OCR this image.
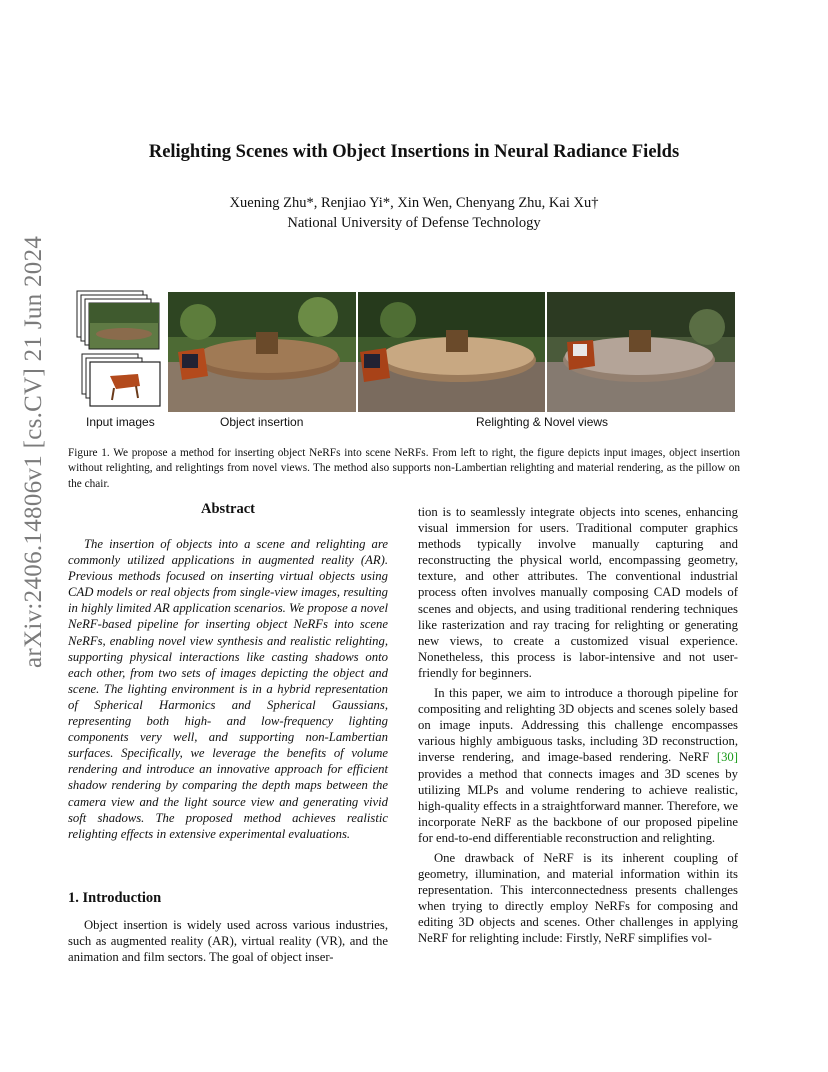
arXiv:2406.14806v1 [cs.CV] 21 Jun 2024
Relighting Scenes with Object Insertions in Neural Radiance Fields
Xuening Zhu*, Renjiao Yi*, Xin Wen, Chenyang Zhu, Kai Xu†
National University of Defense Technology
Input images	Object insertion	Relighting & Novel views
Figure 1. We propose a method for inserting object NeRFs into scene NeRFs. From left to right, the figure depicts input images, object insertion without relighting, and relightings from novel views. The method also supports non-Lambertian relighting and material rendering, as the pillow on the chair.
Abstract

The insertion of objects into a scene and relighting are commonly utilized applications in augmented reality (AR). Previous methods focused on inserting virtual objects using CAD models or real objects from single-view images, resulting in highly limited AR application scenarios. We propose a novel NeRF-based pipeline for inserting object NeRFs into scene NeRFs, enabling novel view synthesis and realistic relighting, supporting physical interactions like casting shadows onto each other, from two sets of images depicting the object and scene. The lighting environment is in a hybrid representation of Spherical Harmonics and Spherical Gaussians, representing both high- and low-frequency lighting components very well, and supporting non-Lambertian surfaces. Specifically, we leverage the benefits of volume rendering and introduce an innovative approach for efficient shadow rendering by comparing the depth maps between the camera view and the light source view and generating vivid soft shadows. The proposed method achieves realistic relighting effects in extensive experimental evaluations.

1. Introduction

Object insertion is widely used across various industries, such as augmented reality (AR), virtual reality (VR), and the animation and film sectors. The goal of object inser-

tion is to seamlessly integrate objects into scenes, enhancing visual immersion for users. Traditional computer graphics methods typically involve manually capturing and reconstructing the physical world, encompassing geometry, texture, and other attributes. The conventional industrial process often involves manually composing CAD models of scenes and objects, and using traditional rendering techniques like rasterization and ray tracing for relighting or generating new views, to create a customized visual experience. Nonetheless, this process is labor-intensive and not user-friendly for beginners.

In this paper, we aim to introduce a thorough pipeline for compositing and relighting 3D objects and scenes solely based on image inputs. Addressing this challenge encompasses various highly ambiguous tasks, including 3D reconstruction, inverse rendering, and image-based rendering. NeRF [30] provides a method that connects images and 3D scenes by utilizing MLPs and volume rendering to achieve realistic, high-quality effects in a straightforward manner. Therefore, we incorporate NeRF as the backbone of our proposed pipeline for end-to-end differentiable reconstruction and relighting.

One drawback of NeRF is its inherent coupling of geometry, illumination, and material information within its representation. This interconnectedness presents challenges when trying to directly employ NeRFs for composing and editing 3D objects and scenes. Other challenges in applying NeRF for relighting include: Firstly, NeRF simplifies vol-
